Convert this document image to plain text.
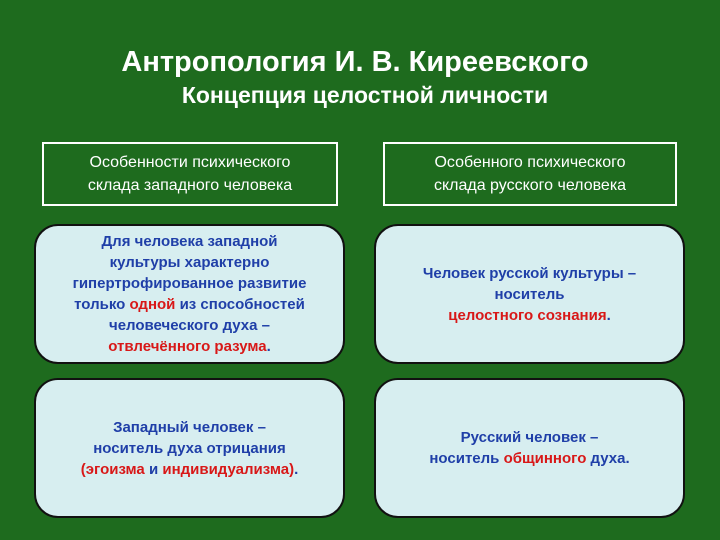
Антропология И. В. Киреевского
Концепция целостной личности
Особенности психического
склада западного человека
Особенного психического
склада русского человека
Для человека западной
культуры характерно
гипертрофированное развитие
только одной из способностей
человеческого духа –
отвлечённого разума.
Человек русской культуры –
носитель
целостного сознания.
Западный человек –
носитель духа отрицания
(эгоизма и индивидуализма).
Русский человек –
носитель общинного духа.
